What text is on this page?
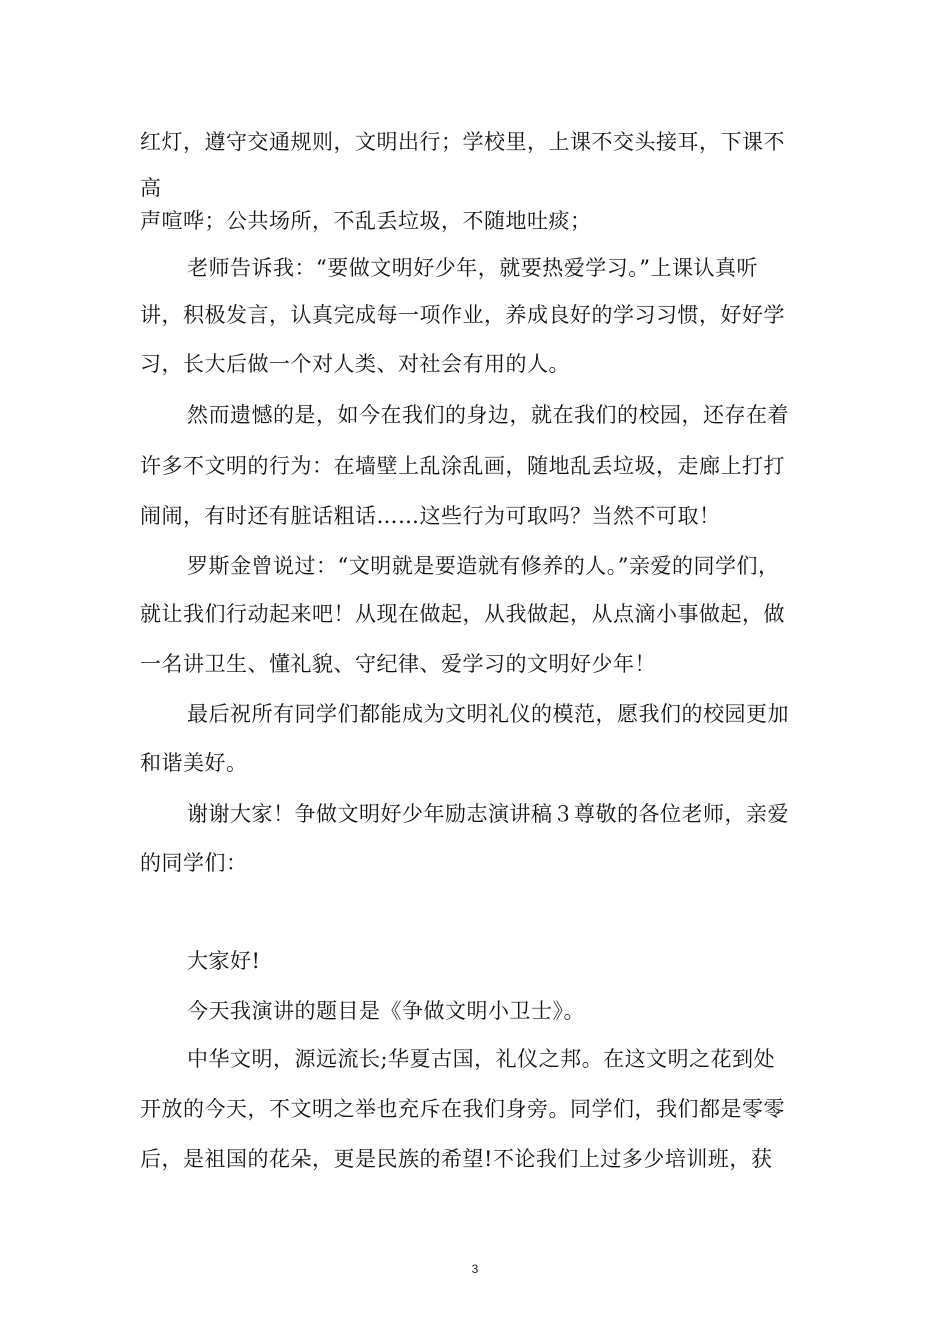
红灯，遵守交通规则，文明出行；学校里，上课不交头接耳，下课不
高
声喧哗；公共场所，不乱丢垃圾，不随地吐痰；
老师告诉我：“要做文明好少年，就要热爱学习。”上课认真听
讲，积极发言，认真完成每一项作业，养成良好的学习习惯，好好学
习，长大后做一个对人类、对社会有用的人。
然而遗憾的是，如今在我们的身边，就在我们的校园，还存在着
许多不文明的行为：在墙壁上乱涂乱画，随地乱丢垃圾，走廊上打打
闹闹，有时还有脏话粗话……这些行为可取吗？当然不可取！
罗斯金曾说过：“文明就是要造就有修养的人。”亲爱的同学们，
就让我们行动起来吧！从现在做起，从我做起，从点滴小事做起，做
一名讲卫生、懂礼貌、守纪律、爱学习的文明好少年！
最后祝所有同学们都能成为文明礼仪的模范，愿我们的校园更加
和谐美好。
谢谢大家！争做文明好少年励志演讲稿３尊敬的各位老师，亲爱
的同学们：
大家好!
今天我演讲的题目是《争做文明小卫士》。
中华文明，源远流长;华夏古国，礼仪之邦。在这文明之花到处
开放的今天，不文明之举也充斥在我们身旁。同学们，我们都是零零
后，是祖国的花朵，更是民族的希望!不论我们上过多少培训班，获
3
